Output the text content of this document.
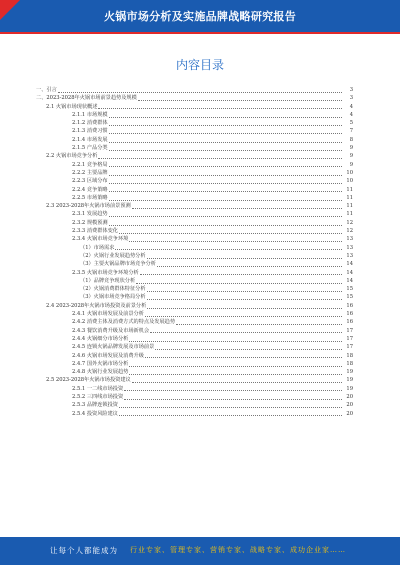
火锅市场分析及实施品牌战略研究报告
内容目录
一、引言	3
二、2023-2028年火锅市场前景趋势及规模	3
2.1 火锅市场现状概述	4
2.1.1 市场规模	4
2.1.2 消费群体	5
2.1.3 消费习惯	7
2.1.4 市场发展	8
2.1.5 产品分类	9
2.2 火锅市场竞争分析	9
2.2.1 竞争格局	9
2.2.2 主要品牌	10
2.2.3 区域分布	10
2.2.4 竞争策略	11
2.2.5 市场策略	11
2.3 2023-2028年火锅市场前景预测	11
2.3.1 发展趋势	11
2.3.2 规模预测	12
2.3.3 消费群体变化	12
2.3.4 火锅市场竞争环境	13
（1）市场需求	13
（2）火锅行业发展趋势分析	13
（3）主要火锅品牌市场竞争分析	14
2.3.5 火锅市场竞争环境分析	14
（1）品牌竞争现状分析	14
（2）火锅消费群体特征分析	15
（3）火锅市场竞争格局分析	15
2.4 2023-2028年火锅市场投资及前景分析	16
2.4.1 火锅市场发展及前景分析	16
2.4.2 消费主体及消费方式的特点及发展趋势	16
2.4.3 餐饮消费升级及市场新机会	17
2.4.4 火锅细分市场分析	17
2.4.5 连锁火锅品牌发展及市场前景	17
2.4.6 火锅市场发展及消费升级	18
2.4.7 国外火锅市场分析	18
2.4.8 火锅行业发展趋势	19
2.5 2023-2028年火锅市场投资建议	19
2.5.1 一二线市场投资	19
2.5.2 三四线市场投资	20
2.5.3 品牌连锁投资	20
2.5.4 投资风险建议	20
让每个人都能成为 行业专家、管理专家、营销专家、战略专家、成功企业家……
